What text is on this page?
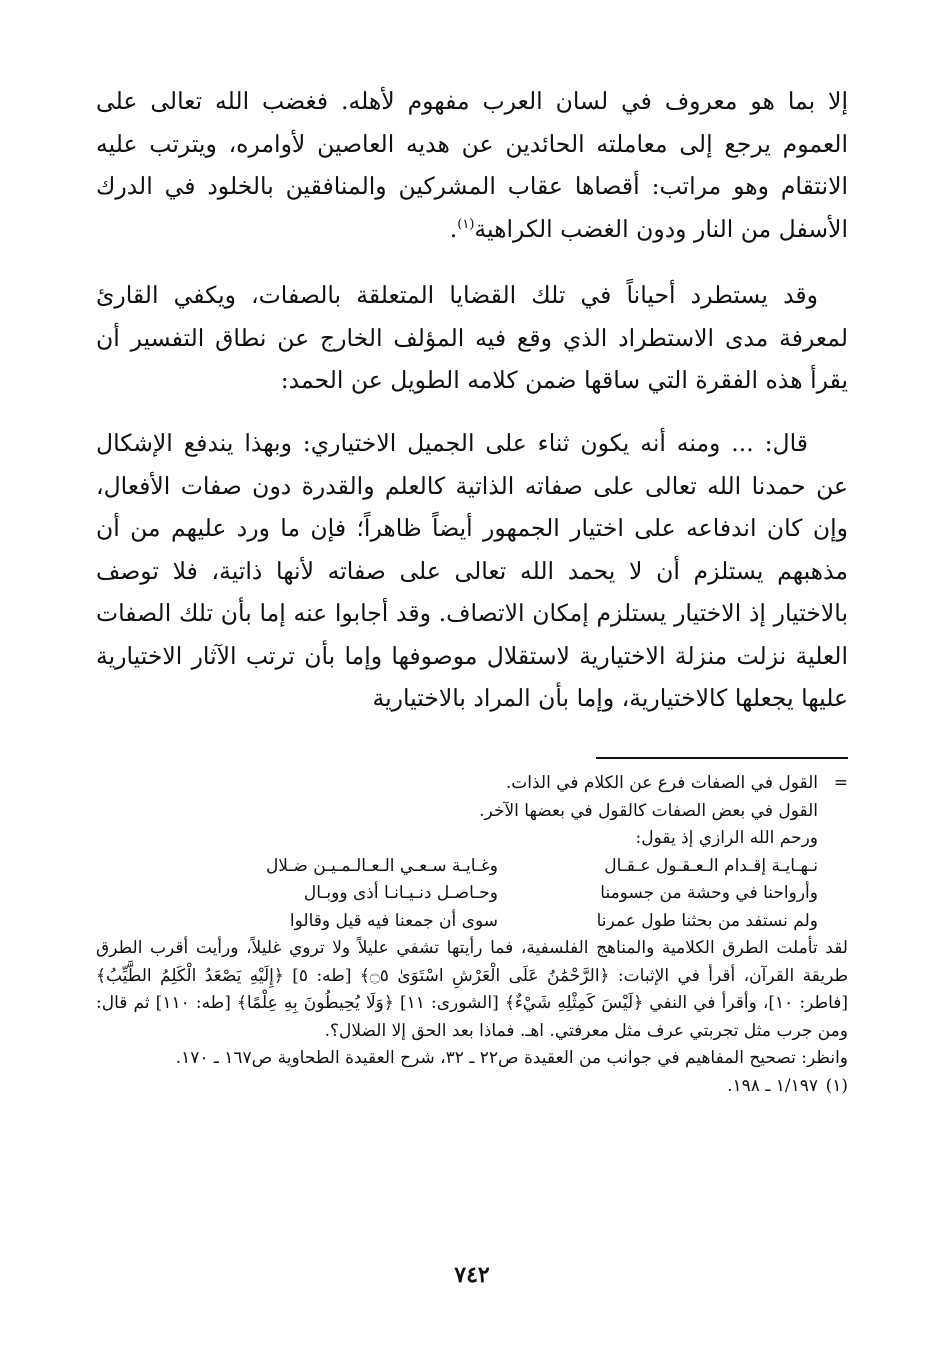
إلا بما هو معروف في لسان العرب مفهوم لأهله. فغضب الله تعالى على العموم يرجع إلى معاملته الحائدين عن هديه العاصين لأوامره، ويترتب عليه الانتقام وهو مراتب: أقصاها عقاب المشركين والمنافقين بالخلود في الدرك الأسفل من النار ودون الغضب الكراهية$^{(١)}$.

وقد يستطرد أحياناً في تلك القضايا المتعلقة بالصفات، ويكفي القارئ لمعرفة مدى الاستطراد الذي وقع فيه المؤلف الخارج عن نطاق التفسير أن يقرأ هذه الفقرة التي ساقها ضمن كلامه الطويل عن الحمد:

قال: ... ومنه أنه يكون ثناء على الجميل الاختياري: وبهذا يندفع الإشكال عن حمدنا الله تعالى على صفاته الذاتية كالعلم والقدرة دون صفات الأفعال، وإن كان اندفاعه على اختيار الجمهور أيضاً ظاهراً؛ فإن ما ورد عليهم من أن مذهبهم يستلزم أن لا يحمد الله تعالى على صفاته لأنها ذاتية، فلا توصف بالاختيار إذ الاختيار يستلزم إمكان الاتصاف. وقد أجابوا عنه إما بأن تلك الصفات العلية نزلت منزلة الاختيارية لاستقلال موصوفها وإما بأن ترتب الآثار الاختيارية عليها يجعلها كالاختيارية، وإما بأن المراد بالاختيارية

=القول في الصفات فرع عن الكلام في الذات.
القول في بعض الصفات كالقول في بعضها الآخر.
ورحم الله الرازي إذ يقول:
نـهـايـة إقـدام الـعـقـول عـقـال
وغـايـة سـعـي الـعـالـمـيـن ضـلال
وأرواحنا في وحشة من جسومنا
وحـاصـل دنـيـانـا أذى ووبـال
ولم نستفد من بحثنا طول عمرنا
سوى أن جمعنا فيه قيل وقالوا
لقد تأملت الطرق الكلامية والمناهج الفلسفية، فما رأيتها تشفي عليلاً ولا تروي غليلاً، ورأيت أقرب الطرق طريقة القرآن، أقرأ في الإثبات: ﴿الرَّحْمَٰنُ عَلَى الْعَرْشِ اسْتَوَىٰ ۝٥﴾ [طه: ٥] ﴿إِلَيْهِ يَصْعَدُ الْكَلِمُ الطَّيِّبُ﴾ [فاطر: ١٠]، وأقرأ في النفي ﴿لَيْسَ كَمِثْلِهِ شَيْءٌ﴾ [الشورى: ١١] ﴿وَلَا يُحِيطُونَ بِهِ عِلْمًا﴾ [طه: ١١٠] ثم قال: ومن جرب مثل تجربتي عرف مثل معرفتي. اهـ. فماذا بعد الحق إلا الضلال؟.
وانظر: تصحيح المفاهيم في جوانب من العقيدة ص٢٢ ـ ٣٢، شرح العقيدة الطحاوية ص١٦٧ ـ ١٧٠.
(١)١/١٩٧ ـ ١٩٨.
٧٤٢
